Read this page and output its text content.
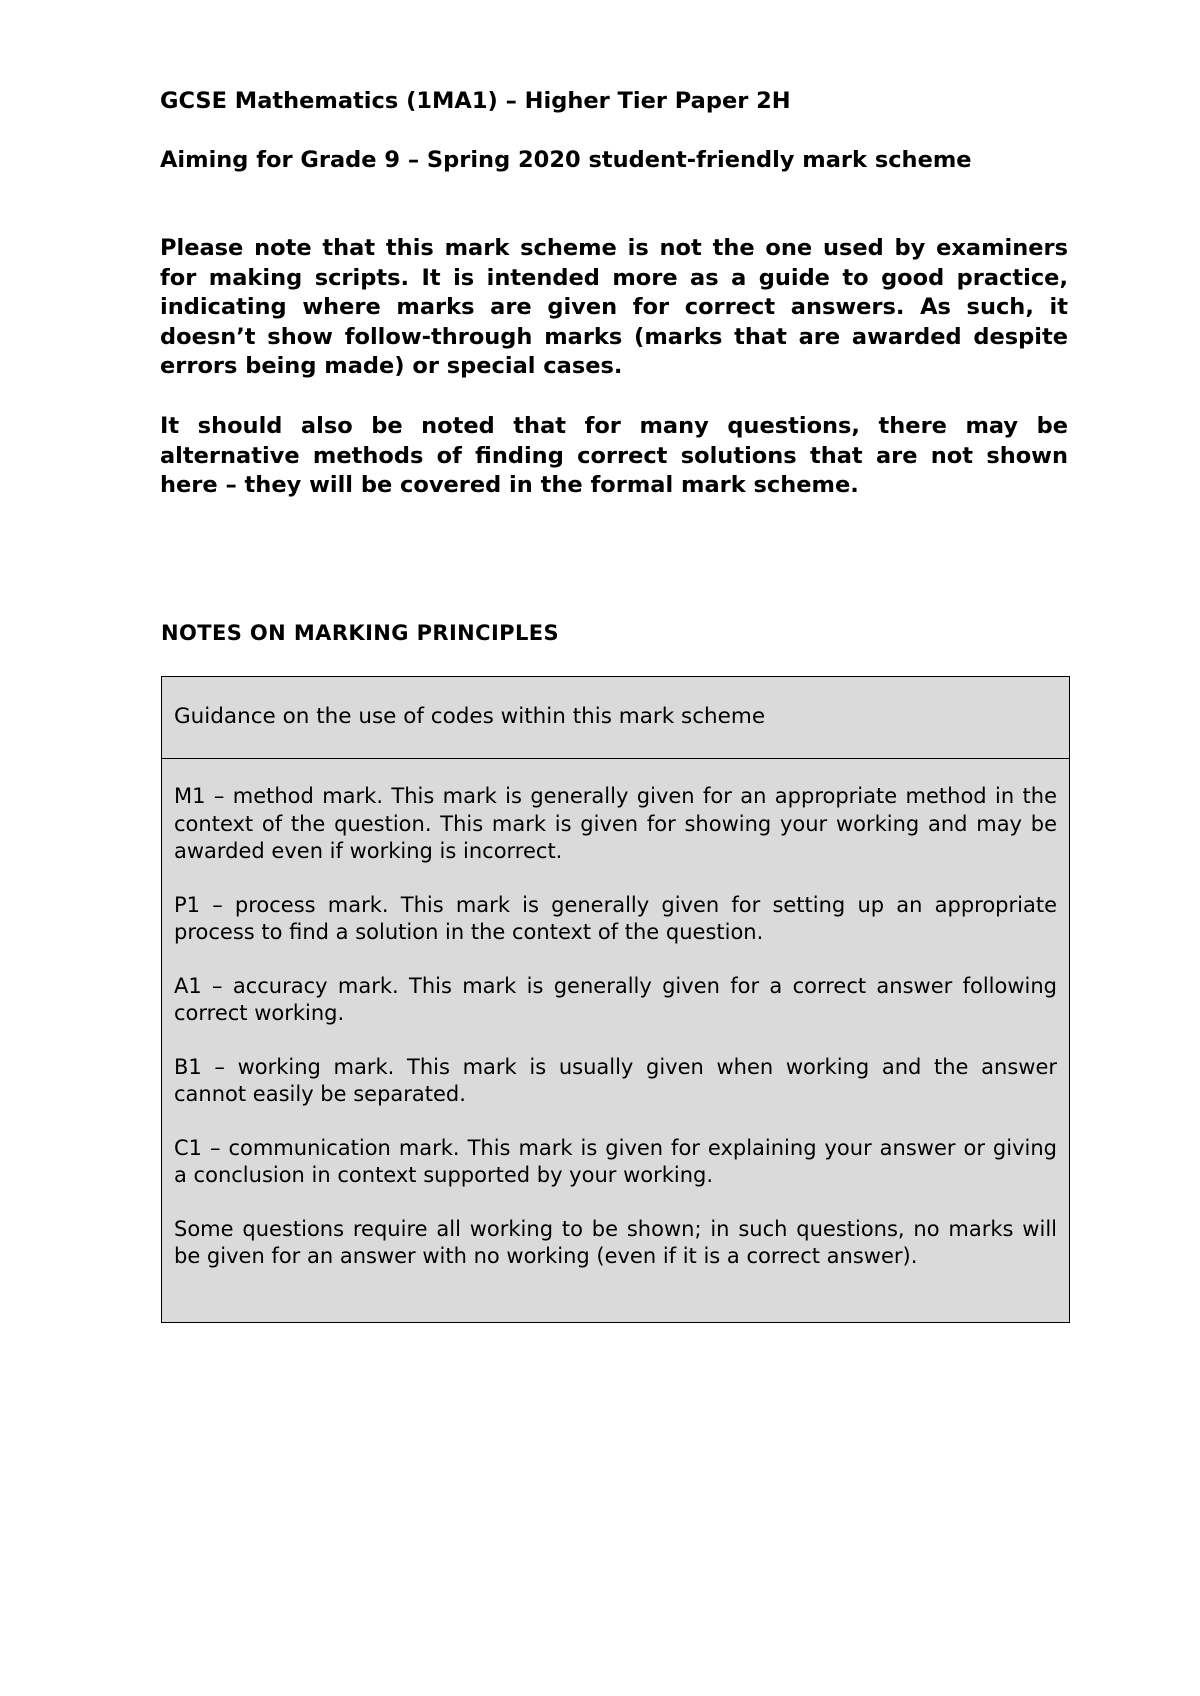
GCSE Mathematics (1MA1) – Higher Tier Paper 2H
Aiming for Grade 9 – Spring 2020 student-friendly mark scheme

Please note that this mark scheme is not the one used by examiners for making scripts. It is intended more as a guide to good practice, indicating where marks are given for correct answers. As such, it doesn’t show follow-through marks (marks that are awarded despite errors being made) or special cases.

It should also be noted that for many questions, there may be alternative methods of finding correct solutions that are not shown here – they will be covered in the formal mark scheme.

NOTES ON MARKING PRINCIPLES
Guidance on the use of codes within this mark scheme

M1 – method mark. This mark is generally given for an appropriate method in the context of the question. This mark is given for showing your working and may be awarded even if working is incorrect.

P1 – process mark. This mark is generally given for setting up an appropriate process to find a solution in the context of the question.

A1 – accuracy mark. This mark is generally given for a correct answer following correct working.

B1 – working mark. This mark is usually given when working and the answer cannot easily be separated.

C1 – communication mark. This mark is given for explaining your answer or giving a conclusion in context supported by your working.

Some questions require all working to be shown; in such questions, no marks will be given for an answer with no working (even if it is a correct answer).
